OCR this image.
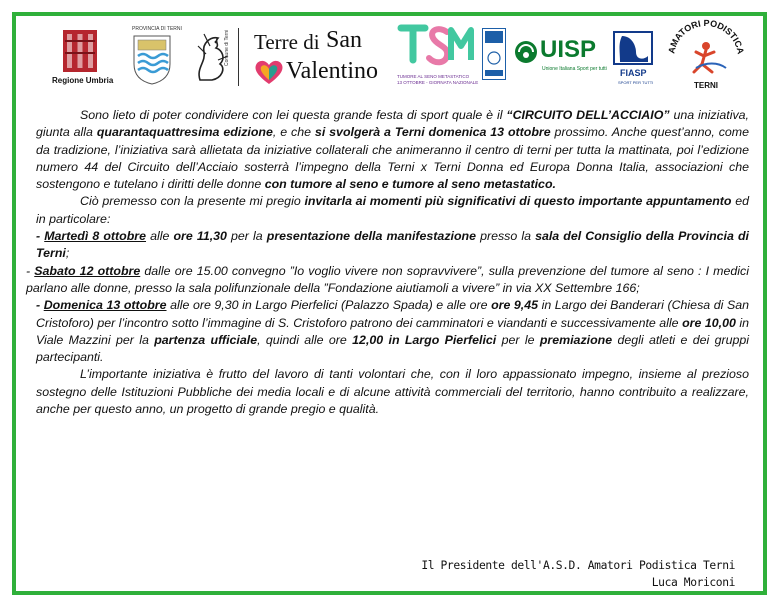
Regione Umbria
PROVINCIA DI TERNI
Comune di Terni Terre di San
Valentino	TUMORE AL SENO METASTATICO
13 OTTOBRE - GIORNATA NAZIONALE
UISP
Unione Italiana Sport per tutti FIASP
SPORT PER TUTTI
AMATORI PODISTICA
TERNI

Sono lieto di poter condividere con lei questa grande festa di sport quale è il “CIRCUITO DELL’ACCIAIO” una iniziativa, giunta alla quarantaquattresima edizione, e che si svolgerà a Terni domenica 13 ottobre prossimo. Anche quest’anno, come da tradizione, l’iniziativa sarà allietata da iniziative collaterali che animeranno il centro di terni per tutta la mattinata, poi l’edizione numero 44 del Circuito dell’Acciaio sosterrà l’impegno della Terni x Terni Donna ed Europa Donna Italia, associazioni che sostengono e tutelano i diritti delle donne con tumore al seno e tumore al seno metastatico.

Ciò premesso con la presente mi pregio invitarla ai momenti più significativi di questo importante appuntamento ed in particolare:

- Martedì 8 ottobre alle ore 11,30 per la presentazione della manifestazione presso la sala del Consiglio della Provincia di Terni;

- Sabato 12 ottobre dalle ore 15.00 convegno ”Io voglio vivere non sopravvivere”, sulla prevenzione del tumore al seno : I medici parlano alle donne, presso la sala polifunzionale della ”Fondazione aiutiamoli a vivere” in via XX Settembre 166;

- Domenica 13 ottobre alle ore 9,30 in Largo Pierfelici (Palazzo Spada) e alle ore ore 9,45 in Largo dei Banderari (Chiesa di San Cristoforo) per l’incontro sotto l’immagine di S. Cristoforo patrono dei camminatori e viandanti e successivamente alle ore 10,00 in Viale Mazzini per la partenza ufficiale, quindi alle ore 12,00 in Largo Pierfelici per le premiazione degli atleti e dei gruppi partecipanti.

L’importante iniziativa è frutto del lavoro di tanti volontari che, con il loro appassionato impegno, insieme al prezioso sostegno delle Istituzioni Pubbliche dei media locali e di alcune attività commerciali del territorio, hanno contribuito a realizzare, anche per questo anno, un progetto di grande pregio e qualità.

Il Presidente dell'A.S.D. Amatori Podistica Terni
Luca Moriconi
